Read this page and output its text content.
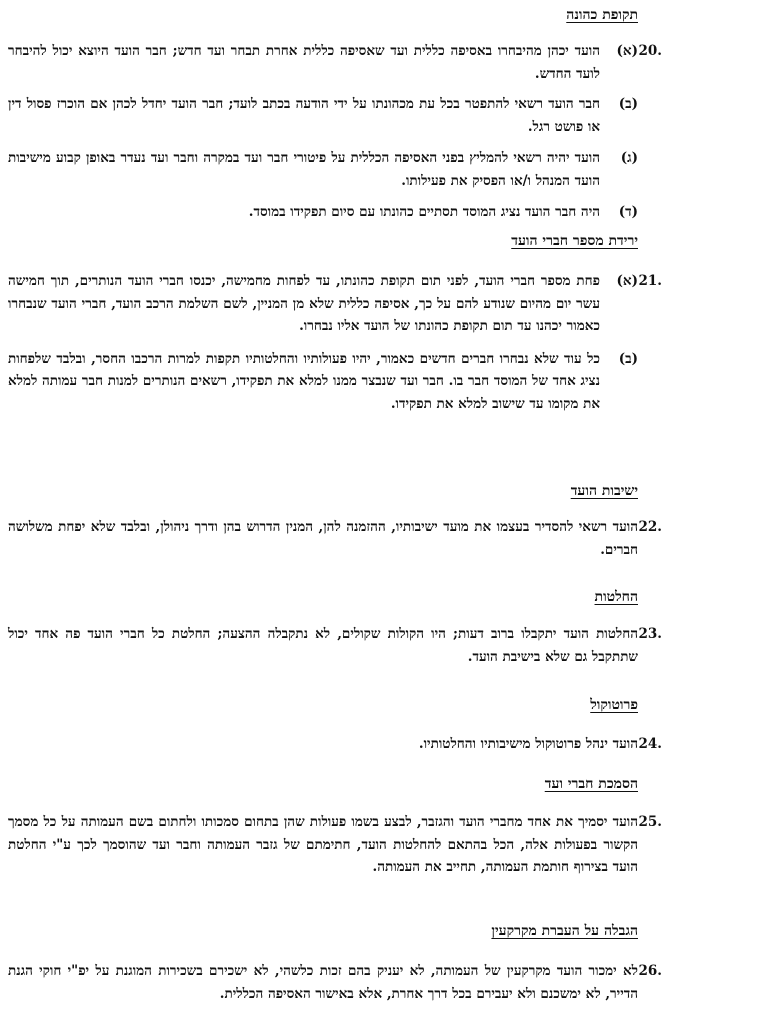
תקופת כהונה
20.
(א)
הועד יכהן מהיבחרו באסיפה כללית ועד שאסיפה כללית אחרת תבחר ועד חדש; חבר הועד היוצא יכול להיבחר לועד החדש.
(ב)
חבר הועד רשאי להתפטר בכל עת מכהונתו על ידי הודעה בכתב לועד; חבר הועד יחדל לכהן אם הוכרז פסול דין או פושט רגל.
(ג)
הועד יהיה רשאי להמליץ בפני האסיפה הכללית על פיטורי חבר ועד במקרה וחבר ועד נעדר באופן קבוע מישיבות הועד המנהל ו/או הפסיק את פעילותו.
(ד)
היה חבר הועד נציג המוסד תסתיים כהונתו עם סיום תפקידו במוסד.
ירידת מספר חברי הועד
21.
(א)
פחת מספר חברי הועד, לפני תום תקופת כהונתו, עד לפחות מחמישה, יכנסו חברי הועד הנותרים, תוך חמישה עשר יום מהיום שנודע להם על כך, אסיפה כללית שלא מן המניין, לשם השלמת הרכב הועד, חברי הועד שנבחרו כאמור יכהנו עד תום תקופת כהונתו של הועד אליו נבחרו.
(ב)
כל עוד שלא נבחרו חברים חדשים כאמור, יהיו פעולותיו והחלטותיו תקפות למרות הרכבו החסר, ובלבד שלפחות נציג אחד של המוסד חבר בו. חבר ועד שנבצר ממנו למלא את תפקידו, רשאים הנותרים למנות חבר עמותה למלא את מקומו עד שישוב למלא את תפקידו.
ישיבות הועד
22.
הועד רשאי להסדיר בעצמו את מועד ישיבותיו, ההזמנה להן, המנין הדרוש בהן ודרך ניהולן, ובלבד שלא יפחת משלושה חברים.
החלטות
23.
החלטות הועד יתקבלו ברוב דעות; היו הקולות שקולים, לא נתקבלה ההצעה; החלטת כל חברי הועד פה אחד יכול שתתקבל גם שלא בישיבת הועד.
פרוטוקול
24.
הועד ינהל פרוטוקול מישיבותיו והחלטותיו.
הסמכת חברי ועד
25.
הועד יסמיך את אחד מחברי הועד והגזבר, לבצע בשמו פעולות שהן בתחום סמכותו ולחתום בשם העמותה על כל מסמך הקשור בפעולות אלה, הכל בהתאם להחלטות הועד, חתימתם של גזבר העמותה וחבר ועד שהוסמך לכך ע"י החלטת הועד בצירוף חותמת העמותה, תחייב את העמותה.
הגבלה על העברת מקרקעין
26.
לא ימכור הועד מקרקעין של העמותה, לא יעניק בהם זכות כלשהי, לא ישכירם בשכירות המוגנת על יפ"י חוקי הגנת הדייר, לא ימשכנם ולא יעבירם בכל דרך אחרת, אלא באישור האסיפה הכללית.
